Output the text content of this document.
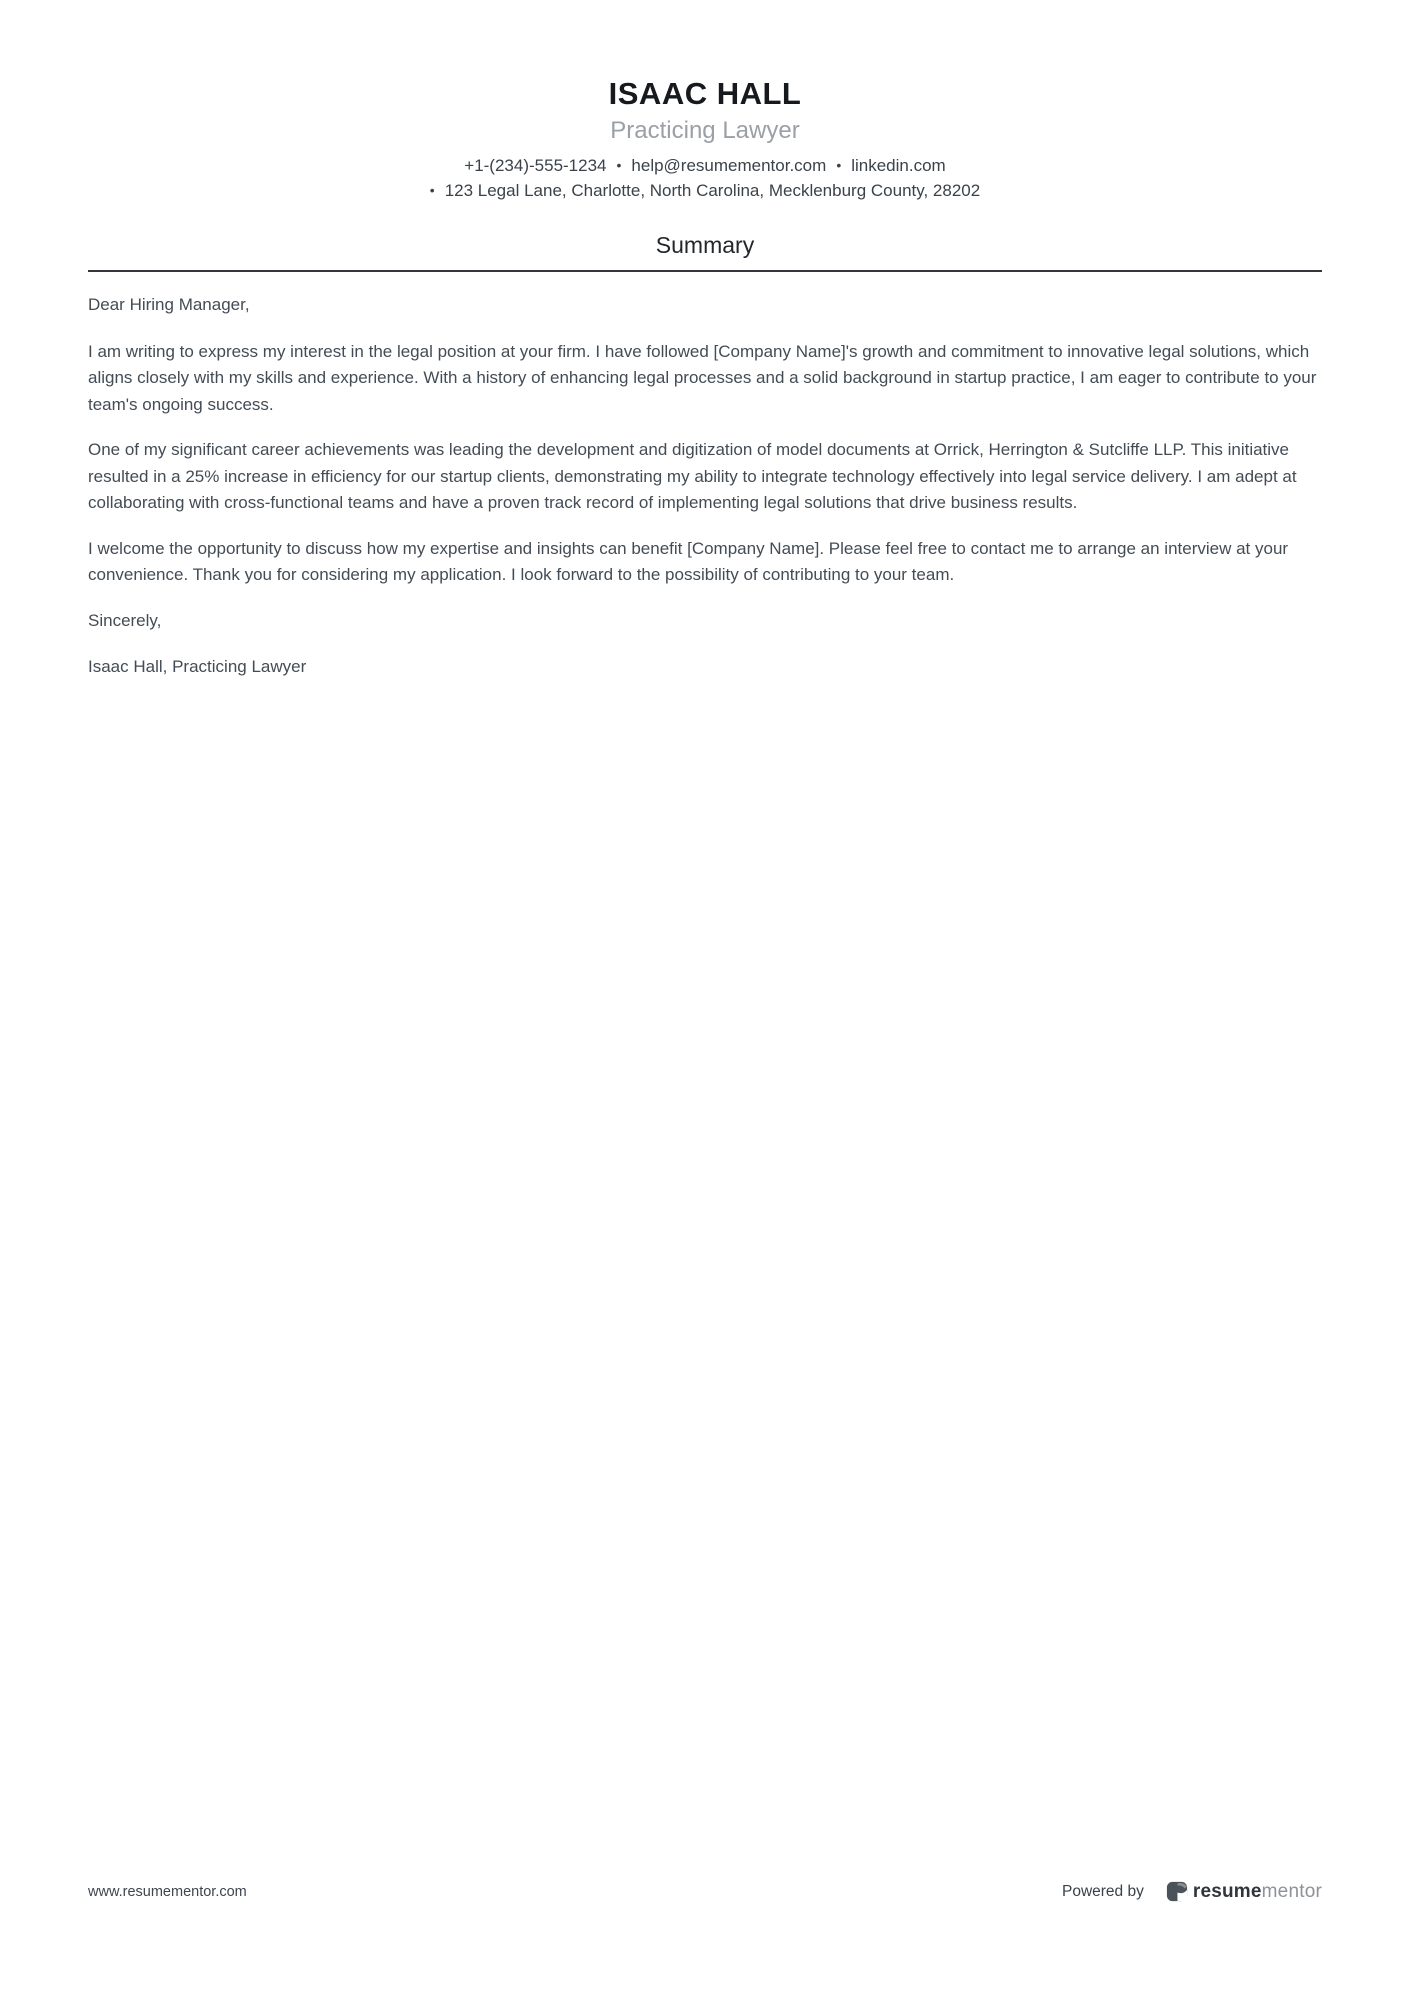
ISAAC HALL
Practicing Lawyer
+1-(234)-555-1234 • help@resumementor.com • linkedin.com
• 123 Legal Lane, Charlotte, North Carolina, Mecklenburg County, 28202
Summary

Dear Hiring Manager,

I am writing to express my interest in the legal position at your firm. I have followed [Company Name]'s growth and commitment to innovative legal solutions, which aligns closely with my skills and experience. With a history of enhancing legal processes and a solid background in startup practice, I am eager to contribute to your team's ongoing success.

One of my significant career achievements was leading the development and digitization of model documents at Orrick, Herrington & Sutcliffe LLP. This initiative resulted in a 25% increase in efficiency for our startup clients, demonstrating my ability to integrate technology effectively into legal service delivery. I am adept at collaborating with cross-functional teams and have a proven track record of implementing legal solutions that drive business results.

I welcome the opportunity to discuss how my expertise and insights can benefit [Company Name]. Please feel free to contact me to arrange an interview at your convenience. Thank you for considering my application. I look forward to the possibility of contributing to your team.

Sincerely,

Isaac Hall, Practicing Lawyer

www.resumementor.com	Powered by	resumementor
